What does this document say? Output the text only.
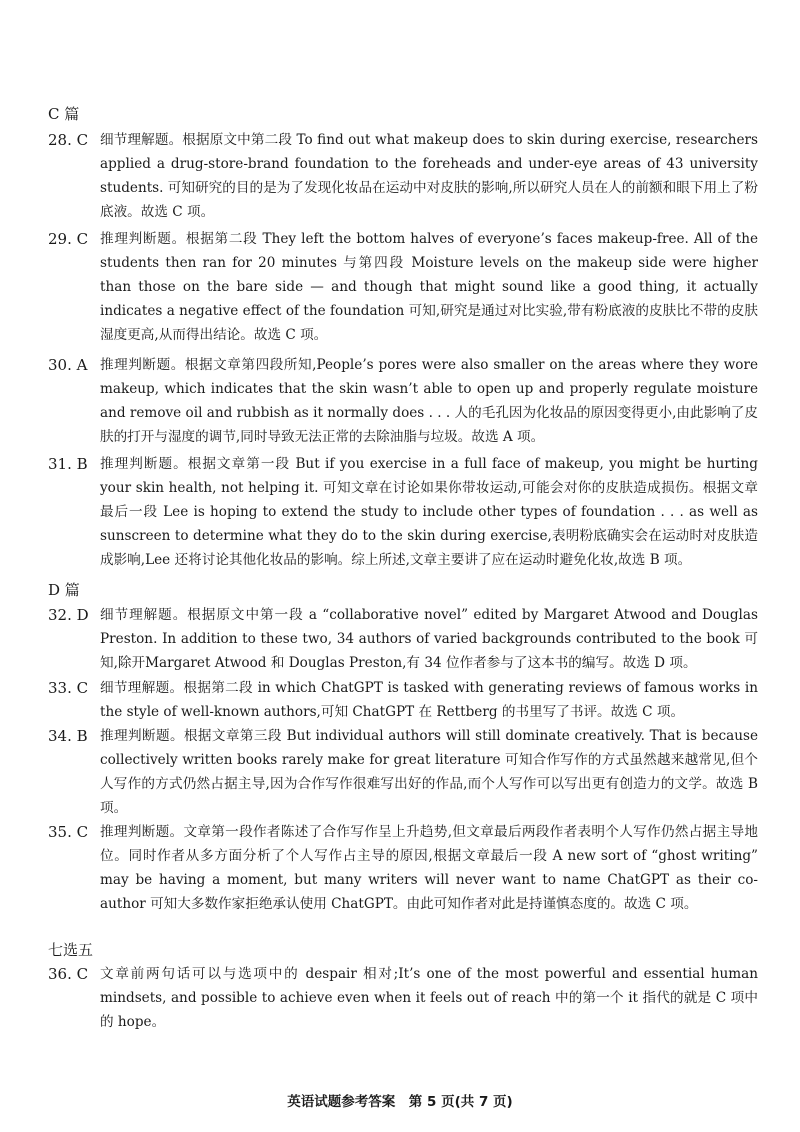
C 篇
28. C 细节理解题。根据原文中第二段 To find out what makeup does to skin during exercise, researchers applied a drug-store-brand foundation to the foreheads and under-eye areas of 43 university students. 可知研究的目的是为了发现化妆品在运动中对皮肤的影响,所以研究人员在人的前额和眼下用上了粉底液。故选 C 项。
29. C 推理判断题。根据第二段 They left the bottom halves of everyone’s faces makeup-free. All of the students then ran for 20 minutes 与第四段 Moisture levels on the makeup side were higher than those on the bare side — and though that might sound like a good thing, it actually indicates a negative effect of the foundation 可知,研究是通过对比实验,带有粉底液的皮肤比不带的皮肤湿度更高,从而得出结论。故选 C 项。
30. A 推理判断题。根据文章第四段所知,People’s pores were also smaller on the areas where they wore makeup, which indicates that the skin wasn’t able to open up and properly regulate moisture and remove oil and rubbish as it normally does . . . 人的毛孔因为化妆品的原因变得更小,由此影响了皮肤的打开与湿度的调节,同时导致无法正常的去除油脂与垃圾。故选 A 项。
31. B 推理判断题。根据文章第一段 But if you exercise in a full face of makeup, you might be hurting your skin health, not helping it. 可知文章在讨论如果你带妆运动,可能会对你的皮肤造成损伤。根据文章最后一段 Lee is hoping to extend the study to include other types of foundation . . . as well as sunscreen to determine what they do to the skin during exercise,表明粉底确实会在运动时对皮肤造成影响,Lee 还将讨论其他化妆品的影响。综上所述,文章主要讲了应在运动时避免化妆,故选 B 项。
D 篇
32. D 细节理解题。根据原文中第一段 a “collaborative novel” edited by Margaret Atwood and Douglas Preston. In addition to these two, 34 authors of varied backgrounds contributed to the book 可知,除开Margaret Atwood 和 Douglas Preston,有 34 位作者参与了这本书的编写。故选 D 项。
33. C 细节理解题。根据第二段 in which ChatGPT is tasked with generating reviews of famous works in the style of well-known authors,可知 ChatGPT 在 Rettberg 的书里写了书评。故选 C 项。
34. B 推理判断题。根据文章第三段 But individual authors will still dominate creatively. That is because collectively written books rarely make for great literature 可知合作写作的方式虽然越来越常见,但个人写作的方式仍然占据主导,因为合作写作很难写出好的作品,而个人写作可以写出更有创造力的文学。故选 B 项。
35. C 推理判断题。文章第一段作者陈述了合作写作呈上升趋势,但文章最后两段作者表明个人写作仍然占据主导地位。同时作者从多方面分析了个人写作占主导的原因,根据文章最后一段 A new sort of “ghost writing” may be having a moment, but many writers will never want to name ChatGPT as their co-author 可知大多数作家拒绝承认使用 ChatGPT。由此可知作者对此是持谨慎态度的。故选 C 项。
七选五
36. C 文章前两句话可以与选项中的 despair 相对;It’s one of the most powerful and essential human mindsets, and possible to achieve even when it feels out of reach 中的第一个 it 指代的就是 C 项中的 hope。
英语试题参考答案　第 5 页(共 7 页)
